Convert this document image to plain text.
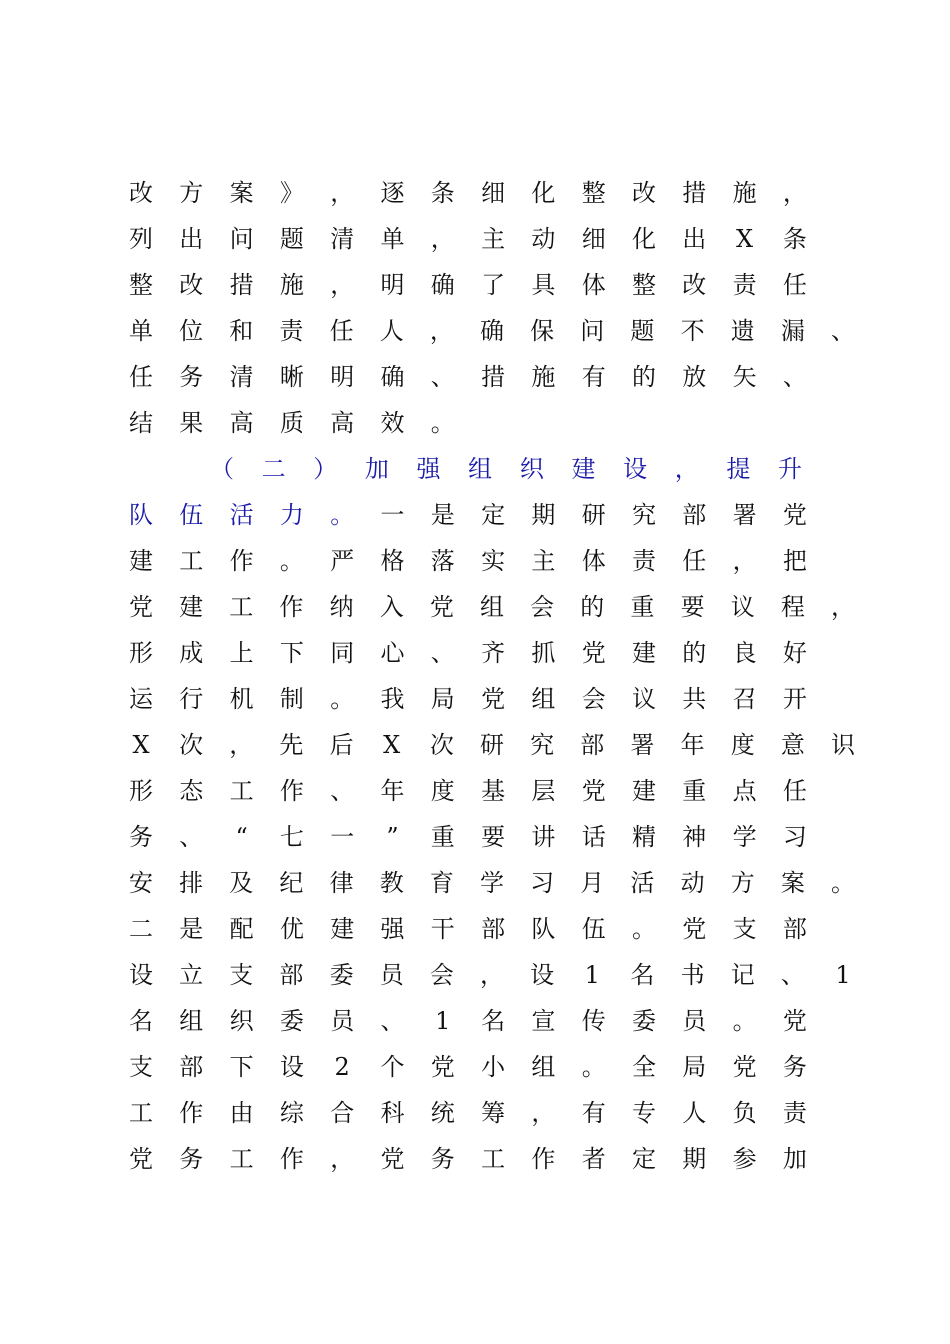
改	方	案	》	，	逐	条	细	化	整	改	措	施	，
列	出	问	题	清	单	，	主	动	细	化	出	X	条
整	改	措	施	，	明	确	了	具	体	整	改	责	任
单	位	和	责	任	人	，	确	保	问	题	不	遗	漏	、
任	务	清	晰	明	确	、	措	施	有	的	放	矢	、
结	果	高	质	高	效	。
（	二	）	加	强	组	织	建	设	，	提	升
队	伍	活	力	。	一	是	定	期	研	究	部	署	党
建	工	作	。	严	格	落	实	主	体	责	任	，	把
党	建	工	作	纳	入	党	组	会	的	重	要	议	程	，
形	成	上	下	同	心	、	齐	抓	党	建	的	良	好
运	行	机	制	。	我	局	党	组	会	议	共	召	开
X	次	，	先	后	X	次	研	究	部	署	年	度	意	识
形	态	工	作	、	年	度	基	层	党	建	重	点	任
务	、	“	七	一	”	重	要	讲	话	精	神	学	习
安	排	及	纪	律	教	育	学	习	月	活	动	方	案	。
二	是	配	优	建	强	干	部	队	伍	。	党	支	部
设	立	支	部	委	员	会	，	设	1	名	书	记	、	1
名	组	织	委	员	、	1	名	宣	传	委	员	。	党
支	部	下	设	2	个	党	小	组	。	全	局	党	务
工	作	由	综	合	科	统	筹	，	有	专	人	负	责
党	务	工	作	，	党	务	工	作	者	定	期	参	加
